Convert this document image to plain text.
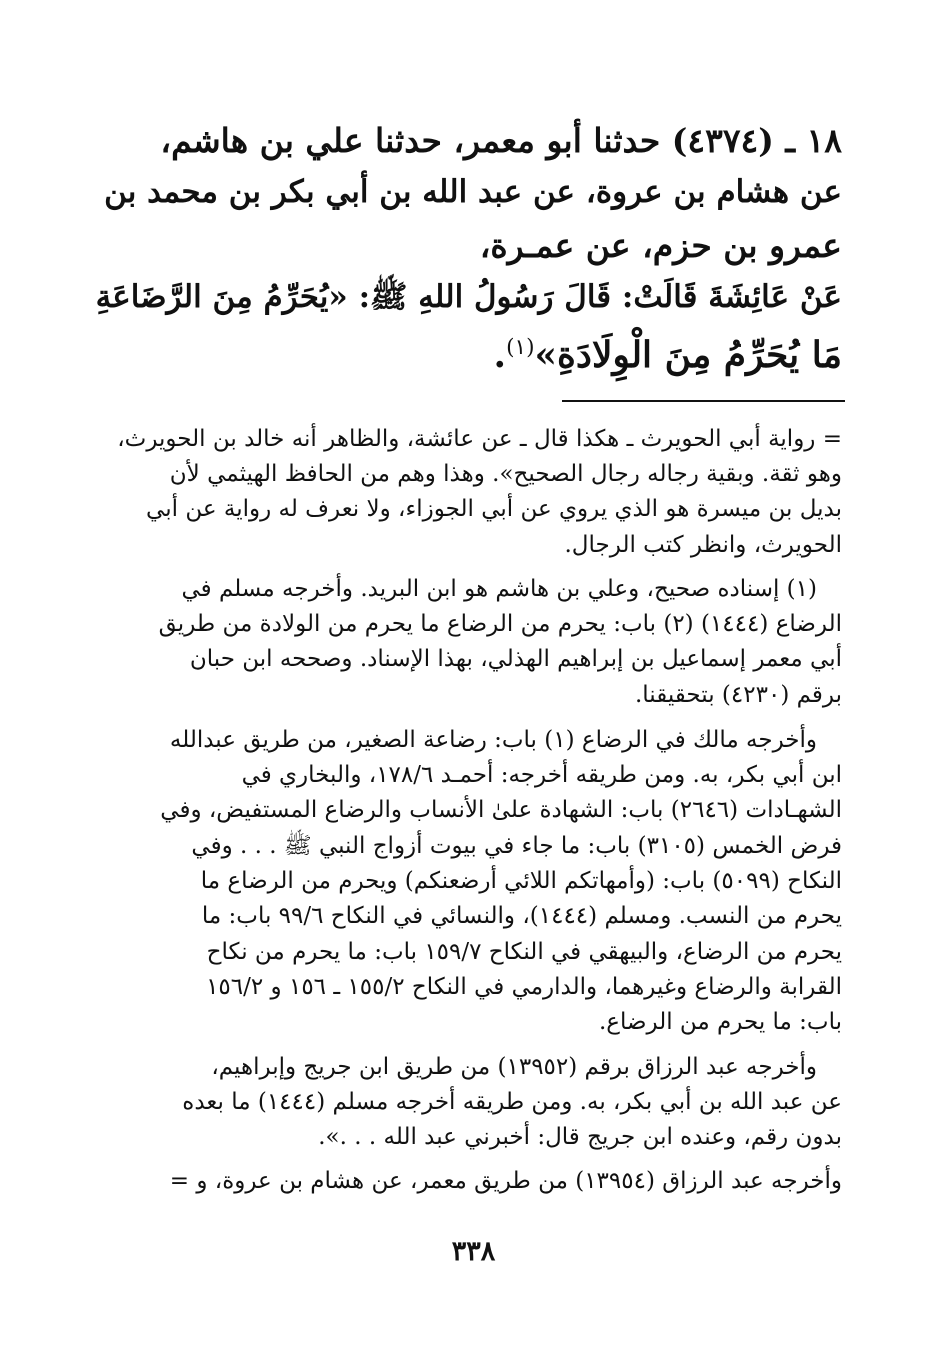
١٨ ـ (٤٣٧٤) حدثنا أبو معمر، حدثنا علي بن هاشم،
عن هشام بن عروة، عن عبد الله بن أبي بكر بن محمد بن
عمرو بن حزم، عن عمـرة،
عَنْ عَائِشَةَ قَالَتْ: قَالَ رَسُولُ اللهِ ﷺ: «يُحَرِّمُ مِنَ الرَّضَاعَةِ
مَا يُحَرِّمُ مِنَ الْوِلَادَةِ»$^{(١)}$.
= رواية أبي الحويرث ـ هكذا قال ـ عن عائشة، والظاهر أنه خالد بن الحويرث،
وهو ثقة. وبقية رجاله رجال الصحيح». وهذا وهم من الحافظ الهيثمي لأن
بديل بن ميسرة هو الذي يروي عن أبي الجوزاء، ولا نعرف له رواية عن أبي
الحويرث، وانظر كتب الرجال.
(١) إسناده صحيح، وعلي بن هاشم هو ابن البريد. وأخرجه مسلم في
الرضاع (١٤٤٤) (٢) باب: يحرم من الرضاع ما يحرم من الولادة من طريق
أبي معمر إسماعيل بن إبراهيم الهذلي، بهذا الإسناد. وصححه ابن حبان
برقم (٤٢٣٠) بتحقيقنا.
وأخرجه مالك في الرضاع (١) باب: رضاعة الصغير، من طريق عبدالله
ابن أبي بكر، به. ومن طريقه أخرجه: أحمـد ١٧٨/٦، والبخاري في
الشهـادات (٢٦٤٦) باب: الشهادة علىٰ الأنساب والرضاع المستفيض، وفي
فرض الخمس (٣١٠٥) باب: ما جاء في بيوت أزواج النبي ﷺ . . . وفي
النكاح (٥٠٩٩) باب: (وأمهاتكم اللائي أرضعنكم) ويحرم من الرضاع ما
يحرم من النسب. ومسلم (١٤٤٤)، والنسائي في النكاح ٩٩/٦ باب: ما
يحرم من الرضاع، والبيهقي في النكاح ١٥٩/٧ باب: ما يحرم من نكاح
القرابة والرضاع وغيرهما، والدارمي في النكاح ١٥٥/٢ ـ ١٥٦ و ١٥٦/٢
باب: ما يحرم من الرضاع.
وأخرجه عبد الرزاق برقم (١٣٩٥٢) من طريق ابن جريج وإبراهيم،
عن عبد الله بن أبي بكر، به. ومن طريقه أخرجه مسلم (١٤٤٤) ما بعده
بدون رقم، وعنده ابن جريج قال: أخبرني عبد الله . . .».
وأخرجه عبد الرزاق (١٣٩٥٤) من طريق معمر، عن هشام بن عروة، و =
٣٣٨
